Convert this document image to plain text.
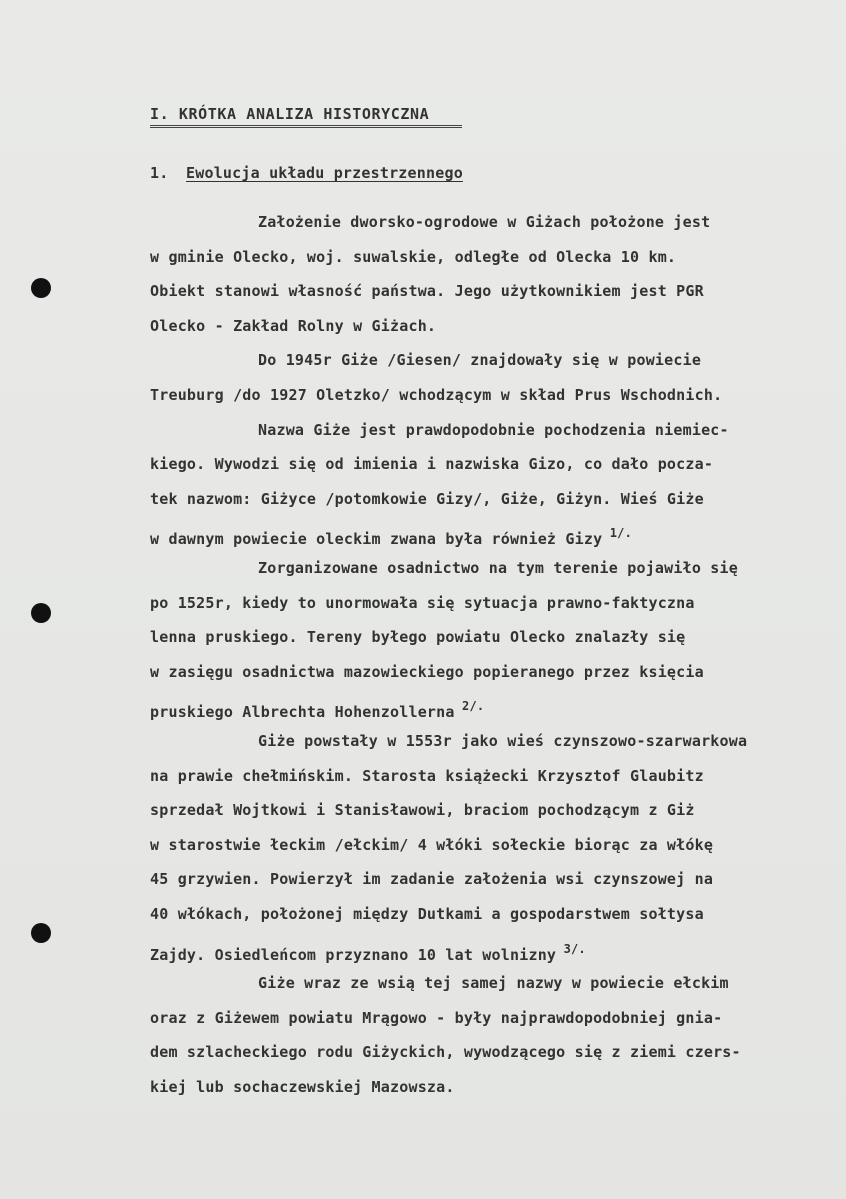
I. KRÓTKA ANALIZA HISTORYCZNA
1. Ewolucja układu przestrzennego
Założenie dworsko-ogrodowe w Giżach położone jest
w gminie Olecko, woj. suwalskie, odległe od Olecka 10 km.
Obiekt stanowi własność państwa. Jego użytkownikiem jest PGR
Olecko - Zakład Rolny w Giżach.
Do 1945r Giże /Giesen/ znajdowały się w powiecie
Treuburg /do 1927 Oletzko/ wchodzącym w skład Prus Wschodnich.
Nazwa Giże jest prawdopodobnie pochodzenia niemiec-
kiego. Wywodzi się od imienia i nazwiska Gizo, co dało pocza-
tek nazwom: Giżyce /potomkowie Gizy/, Giże, Giżyn. Wieś Giże
w dawnym powiecie oleckim zwana była również Gizy $^{1/.}$
Zorganizowane osadnictwo na tym terenie pojawiło się
po 1525r, kiedy to unormowała się sytuacja prawno-faktyczna
lenna pruskiego. Tereny byłego powiatu Olecko znalazły się
w zasięgu osadnictwa mazowieckiego popieranego przez księcia
pruskiego Albrechta Hohenzollerna $^{2/.}$
Giże powstały w 1553r jako wieś czynszowo-szarwarkowa
na prawie chełmińskim. Starosta książecki Krzysztof Glaubitz
sprzedał Wojtkowi i Stanisławowi, braciom pochodzącym z Giż
w starostwie łeckim /ełckim/ 4 włóki sołeckie biorąc za włókę
45 grzywien. Powierzył im zadanie założenia wsi czynszowej na
40 włókach, położonej między Dutkami a gospodarstwem sołtysa
Zajdy. Osiedleńcom przyznano 10 lat wolnizny $^{3/.}$
Giże wraz ze wsią tej samej nazwy w powiecie ełckim
oraz z Giżewem powiatu Mrągowo - były najprawdopodobniej gnia-
dem szlacheckiego rodu Giżyckich, wywodzącego się z ziemi czers-
kiej lub sochaczewskiej Mazowsza.
